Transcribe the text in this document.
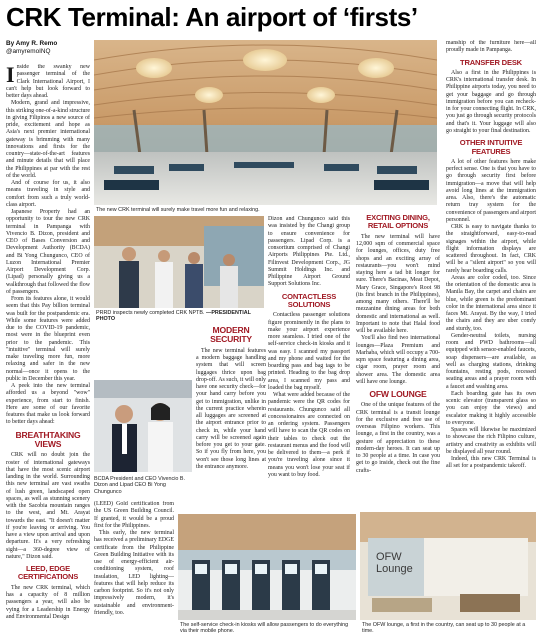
CRK Terminal: An airport of ‘firsts’
By Amy R. Remo
@amyremoINQ

Inside the swanky new passenger terminal of the Clark International Airport, I can't help but look forward to better days ahead.

Modern, grand and impressive, this striking one-of-a-kind structure in giving Filipinos a new source of pride, excitement and hope as Asia's next premier international gateway is brimming with many innovations and firsts for the country—state-of-the-art features and minute details that will place the Philippines at par with the rest of the world.

And of course for us, it also means traveling in style and comfort from such a truly world-class airport.

Japanese Property had an opportunity to tour the new CRK terminal in Pampanga with Vivencio B. Dizon, president and CEO of Bases Conversion and Development Authority (BCDA) and Bi Yong Chungunco, CEO of Luzon International Premier Airport Development Corp. (Lipad) personally giving us a walkthrough that followed the flow of passengers.

From its features alone, it would seem that this Pay billion terminal was built for the postpandemic era. While some features were added due to the COVID-19 pandemic, most were in the blueprint even prior to the pandemic. This "intuitive" terminal will surely make traveling more fun, more relaxing and safer in the new normal—once it opens to the public in December this year.

A peek into the new terminal afforded us a beyond "wow" experience, from start to finish. Here are some of our favorite features that make us look forward to better days ahead:

BREATHTAKING VIEWS

CRK will no doubt join the roster of international gateways that have the most scenic airport landing in the world. Surrounding this new terminal are vast swaths of lush green, landscaped open spaces, as well as stunning scenery with the Sacobia mountain ranges to the west, and Mt. Arayat towards the east. "It doesn't matter if you're leaving or arriving. You have a view upon arrival and upon departure. It's a very refreshing sight—a 360-degree view of nature," Dizon said.

LEED, EDGE CERTIFICATIONS

The new CRK terminal, which has a capacity of 8 million passengers a year, will also be vying for a Leadership in Energy and Environmental Design

The new CRK terminal will surely make travel more fun and relaxing.
PRRD inspects newly completed CRK NPTB. —PRESIDENTIAL PHOTO
MODERN SECURITY

The new terminal features a modern baggage handling system that will screen luggages thrice upon bag drop-off. As such, it will only have one security check—for your hand carry before you get to immigration, unlike in the current practice wherein all luggages are screened at the airport entrance prior to check in, while your hand carry will be screened again before you get to your gate. So if you fly from here, you won't see those long lines at the entrance anymore.

BCDA President and CEO Vivencio B. Dizon and Lipad CEO Bi Yong Chungunco

(LEED) Gold certification from the US Green Building Council. If granted, it would be a proud first for the Philippines.

This early, the new terminal has received a preliminary EDGE certificate from the Philippine Green Building Initiative with its use of energy-efficient air-conditioning system, roof insulation, LED lighting—features that will help reduce its carbon footprint. So it's not only impressively modern, it's sustainable and environment-friendly, too.

Dizon and Chungunco said this was insisted by the Changi group to ensure convenience for passengers. Lipad Corp. is a consortium comprised of Changi Airports Philippines Pte. Ltd., Filinvest Development Corp., JG Summit Holdings Inc. and Philippine Airport Ground Support Solutions Inc.

CONTACTLESS SOLUTIONS

Contactless passenger solutions figure prominently in the plans to make your airport experience more seamless. I tried one of the self-service check-in kiosks and it was easy. I scanned my passport and my phone and waited for the boarding pass and bag tags to be printed. Heading to the bag drop area, I scanned my pass and loaded the bag myself.

What were added because of the pandemic were the QR codes for restaurants. Chungunco said all concessionaires are connected on an ordering system. Passengers will have to scan the QR codes on their tables to check out the restaurant menus and the food will be delivered to them—a perk if you're traveling alone since it means you won't lose your seat if you want to buy food.

The self-service check-in kiosks will allow passengers to do everything via their mobile phone.
EXCITING DINING, RETAIL OPTIONS

The new terminal will have 12,000 sqm of commercial space for lounges, offices, duty free shops and an exciting array of restaurants—you won't mind staying here a tad bit longer for sure. There's Bacinas, Meat Depot, Mary Grace, Singapore's Root 98 (its first branch in the Philippines), among many others. There'll be mezzanine dining areas for both domestic and international as well. Important to note that Halal food will be available here.

You'll also find two international lounges—Plaza Premium and Marhaba, which will occupy a 700-sqm space featuring a dining area, cigar room, prayer room and shower area. The domestic area will have one lounge.

OFW LOUNGE

One of the unique features of the CRK terminal is a transit lounge for the exclusive and free use of overseas Filipino workers. This lounge, a first in the country, was a gesture of appreciation to these modern-day heroes. It can seat up to 30 people at a time. In case you get to go inside, check out the fine crafts-

manship of the furniture here—all proudly made in Pampanga.

TRANSFER DESK

Also a first in the Philippines is CRK's international transfer desk. In Philippine airports today, you need to get your baggage and go through immigration before you can recheck-in for your connecting flight. In CRK, you just go through security protocols and that's it. Your luggage will also go straight to your final destination.

OTHER INTUITIVE FEATURES

A lot of other features here make perfect sense. One is that you have to go through security first before immigration—a move that will help avoid long lines at the immigration area. Also, there's the automatic return tray system for the convenience of passengers and airport personnel.

CRK is easy to navigate thanks to the straightforward, easy-to-read signages within the airport, while flight information displays are scattered throughout. In fact, CRK will be a "silent airport" so you will rarely hear boarding calls.

Areas are color coded, too. Since the orientation of the domestic area is Manila Bay, the carpet and chairs are blue, while green is the predominant color in the international area since it faces Mt. Arayat. By the way, I tried the chairs and they are uber comfy and sturdy, too.

Gender-neutral toilets, nursing room and PWD bathrooms—all equipped with sensor-enabled faucets, soap dispensers—are available, as well as charging stations, drinking fountains, resting pods, recessed seating areas and a prayer room with a faucet and washing area.

Each boarding gate has its own scenic elevator (transparent glass so you can enjoy the views) and escalator making it highly accessible to everyone.

Spaces will likewise be maximized to showcase the rich Filipino culture, artistry and creativity as exhibits will be displayed all year round.

Indeed, this new CRK Terminal is all set for a postpandemic takeoff.

OFW Lounge
The OFW lounge, a first in the country, can seat up to 30 people at a time.
